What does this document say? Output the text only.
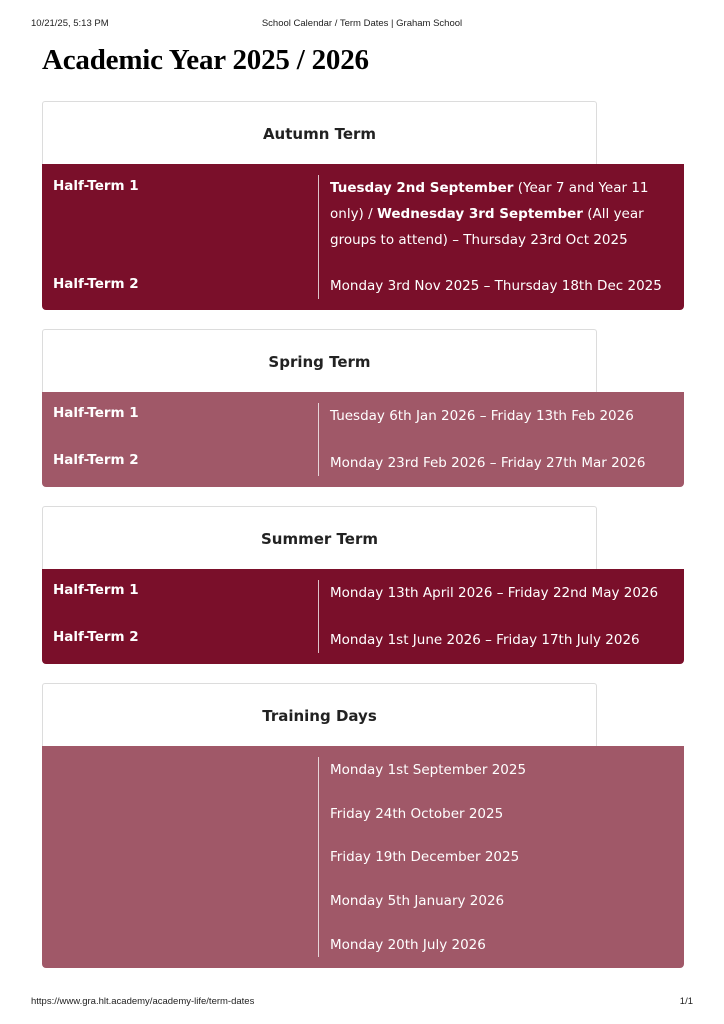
10/21/25, 5:13 PM	School Calendar / Term Dates | Graham School
Academic Year 2025 / 2026
Autumn Term
Half-Term 1	Tuesday 2nd September (Year 7 and Year 11 only) / Wednesday 3rd September (All year groups to attend) – Thursday 23rd Oct 2025
Half-Term 2	Monday 3rd Nov 2025 – Thursday 18th Dec 2025
Spring Term
Half-Term 1	Tuesday 6th Jan 2026 – Friday 13th Feb 2026
Half-Term 2	Monday 23rd Feb 2026 – Friday 27th Mar 2026
Summer Term
Half-Term 1	Monday 13th April 2026 – Friday 22nd May 2026
Half-Term 2	Monday 1st June 2026 – Friday 17th July 2026
Training Days
Monday 1st September 2025
Friday 24th October 2025
Friday 19th December 2025
Monday 5th January 2026
Monday 20th July 2026
https://www.gra.hlt.academy/academy-life/term-dates	1/1
